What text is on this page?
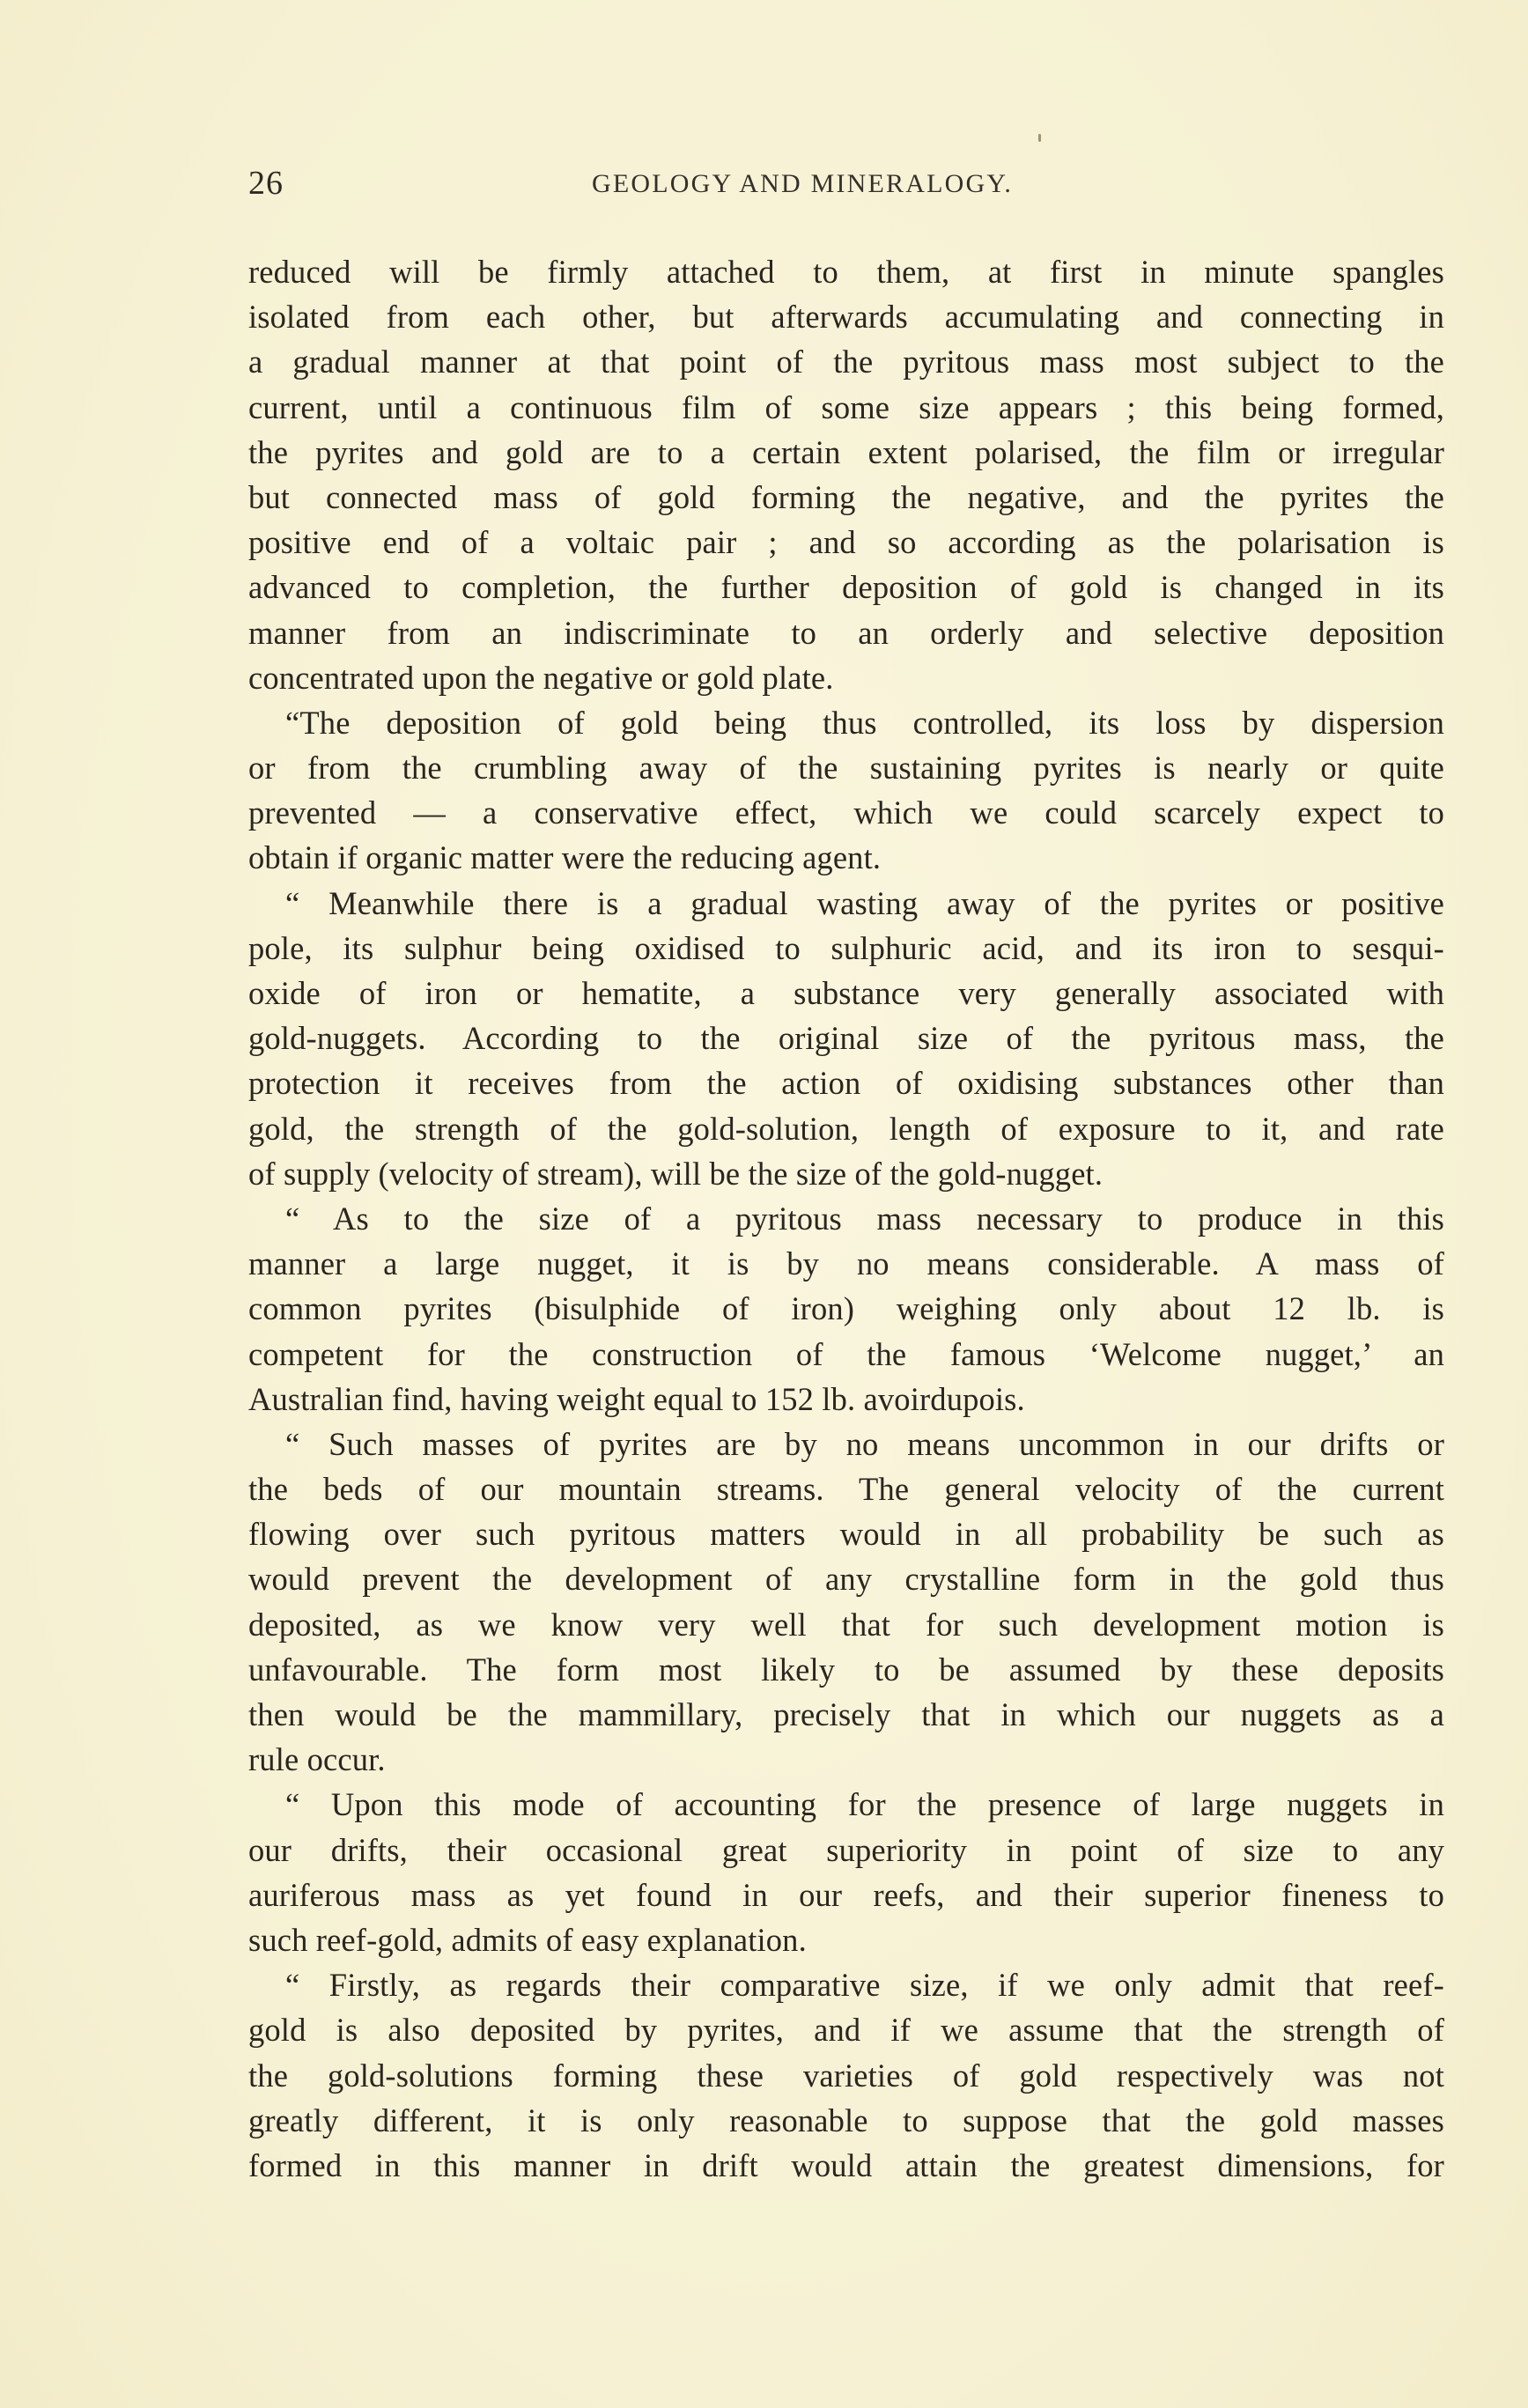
26	GEOLOGY AND MINERALOGY.
reduced will be firmly attached to them, at first in minute spangles
isolated from each other, but afterwards accumulating and connecting in
a gradual manner at that point of the pyritous mass most subject to the
current, until a continuous film of some size appears ; this being formed,
the pyrites and gold are to a certain extent polarised, the film or irregular
but connected mass of gold forming the negative, and the pyrites the
positive end of a voltaic pair ; and so according as the polarisation is
advanced to completion, the further deposition of gold is changed in its
manner from an indiscriminate to an orderly and selective deposition
concentrated upon the negative or gold plate.
“The deposition of gold being thus controlled, its loss by dispersion
or from the crumbling away of the sustaining pyrites is nearly or quite
prevented — a conservative effect, which we could scarcely expect to
obtain if organic matter were the reducing agent.
“ Meanwhile there is a gradual wasting away of the pyrites or positive
pole, its sulphur being oxidised to sulphuric acid, and its iron to sesqui-
oxide of iron or hematite, a substance very generally associated with
gold-nuggets. According to the original size of the pyritous mass, the
protection it receives from the action of oxidising substances other than
gold, the strength of the gold-solution, length of exposure to it, and rate
of supply (velocity of stream), will be the size of the gold-nugget.
“ As to the size of a pyritous mass necessary to produce in this
manner a large nugget, it is by no means considerable. A mass of
common pyrites (bisulphide of iron) weighing only about 12 lb. is
competent for the construction of the famous ‘Welcome nugget,’ an
Australian find, having weight equal to 152 lb. avoirdupois.
“ Such masses of pyrites are by no means uncommon in our drifts or
the beds of our mountain streams. The general velocity of the current
flowing over such pyritous matters would in all probability be such as
would prevent the development of any crystalline form in the gold thus
deposited, as we know very well that for such development motion is
unfavourable. The form most likely to be assumed by these deposits
then would be the mammillary, precisely that in which our nuggets as a
rule occur.
“ Upon this mode of accounting for the presence of large nuggets in
our drifts, their occasional great superiority in point of size to any
auriferous mass as yet found in our reefs, and their superior fineness to
such reef-gold, admits of easy explanation.
“ Firstly, as regards their comparative size, if we only admit that reef-
gold is also deposited by pyrites, and if we assume that the strength of
the gold-solutions forming these varieties of gold respectively was not
greatly different, it is only reasonable to suppose that the gold masses
formed in this manner in drift would attain the greatest dimensions, for
